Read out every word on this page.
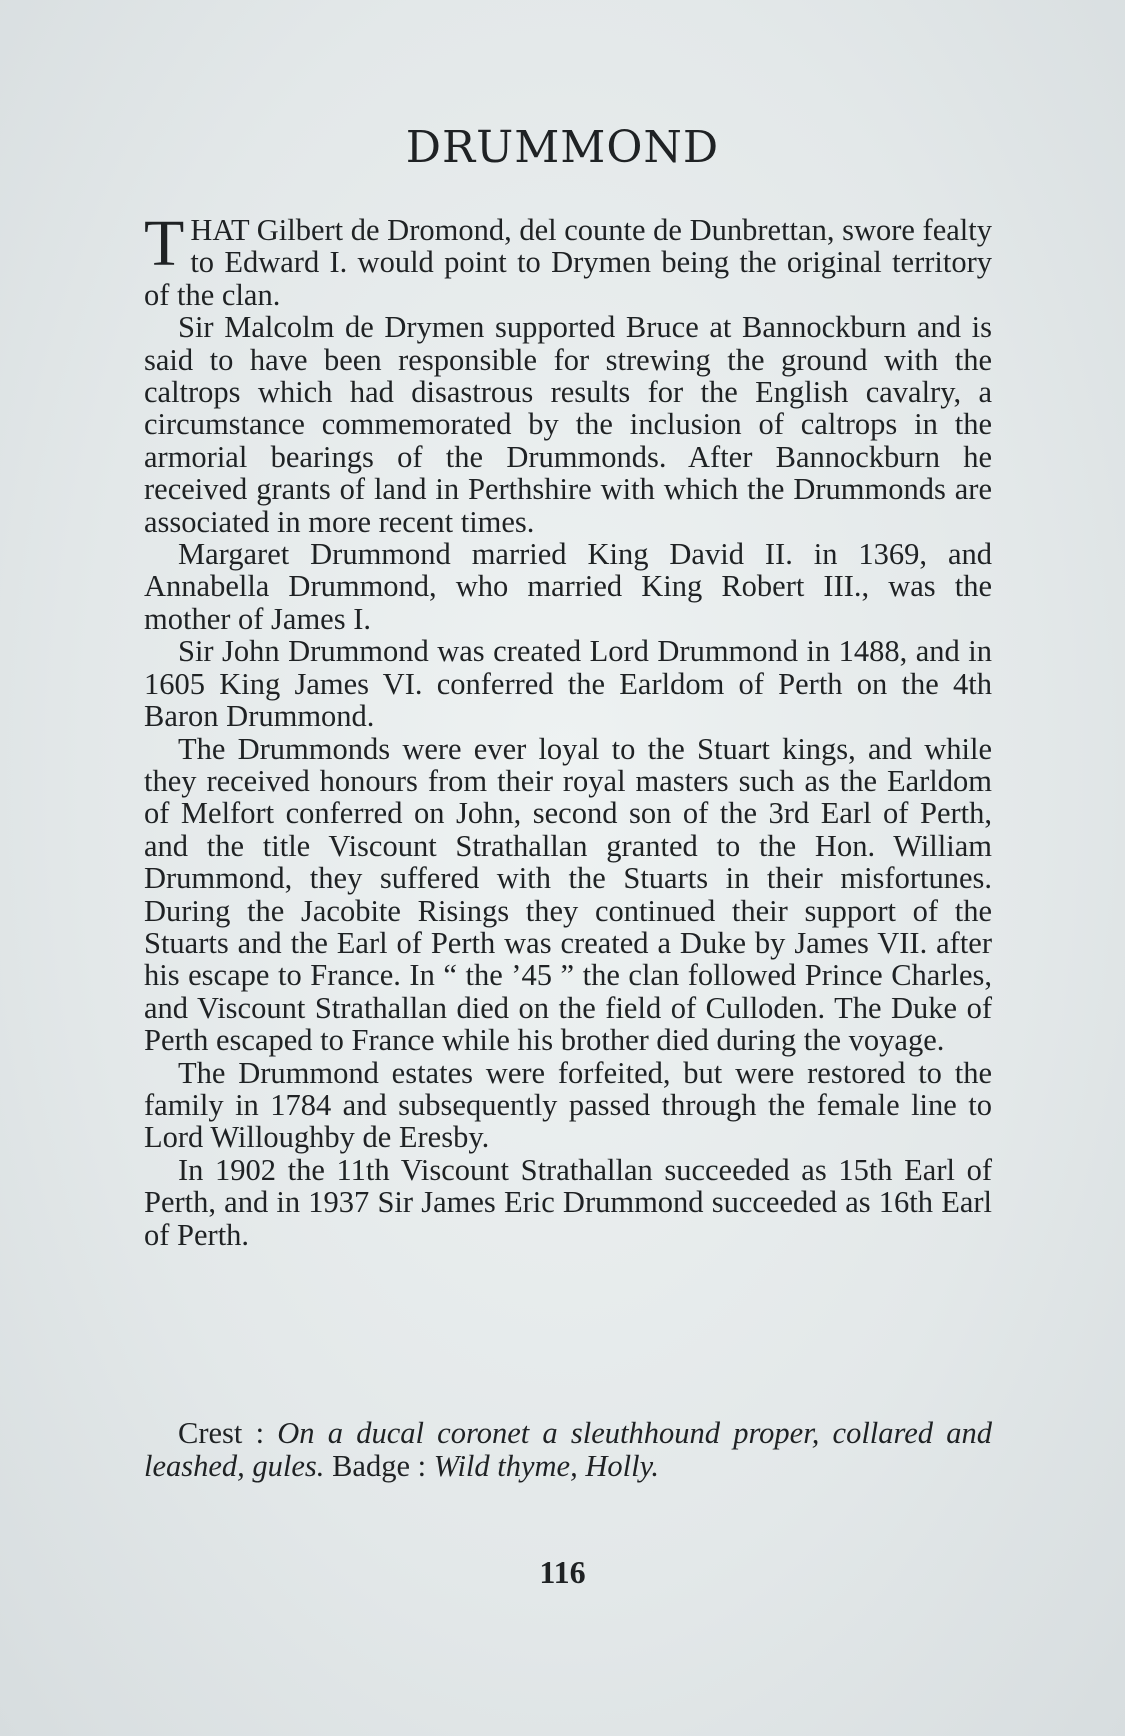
DRUMMOND

THAT Gilbert de Dromond, del counte de Dunbrettan, swore fealty to Edward I. would point to Drymen being the original territory of the clan.

Sir Malcolm de Drymen supported Bruce at Bannockburn and is said to have been responsible for strewing the ground with the caltrops which had disastrous results for the English cavalry, a circumstance commemorated by the inclusion of caltrops in the armorial bearings of the Drummonds. After Bannockburn he received grants of land in Perthshire with which the Drummonds are associated in more recent times.

Margaret Drummond married King David II. in 1369, and Annabella Drummond, who married King Robert III., was the mother of James I.

Sir John Drummond was created Lord Drummond in 1488, and in 1605 King James VI. conferred the Earldom of Perth on the 4th Baron Drummond.

The Drummonds were ever loyal to the Stuart kings, and while they received honours from their royal masters such as the Earldom of Melfort conferred on John, second son of the 3rd Earl of Perth, and the title Viscount Strathallan granted to the Hon. William Drummond, they suffered with the Stuarts in their misfortunes. During the Jacobite Risings they continued their support of the Stuarts and the Earl of Perth was created a Duke by James VII. after his escape to France. In “ the ’45 ” the clan followed Prince Charles, and Viscount Strathallan died on the field of Culloden. The Duke of Perth escaped to France while his brother died during the voyage.

The Drummond estates were forfeited, but were restored to the family in 1784 and subsequently passed through the female line to Lord Willoughby de Eresby.

In 1902 the 11th Viscount Strathallan succeeded as 15th Earl of Perth, and in 1937 Sir James Eric Drummond succeeded as 16th Earl of Perth.

Crest : On a ducal coronet a sleuthhound proper, collared and leashed, gules. Badge : Wild thyme, Holly.

116
